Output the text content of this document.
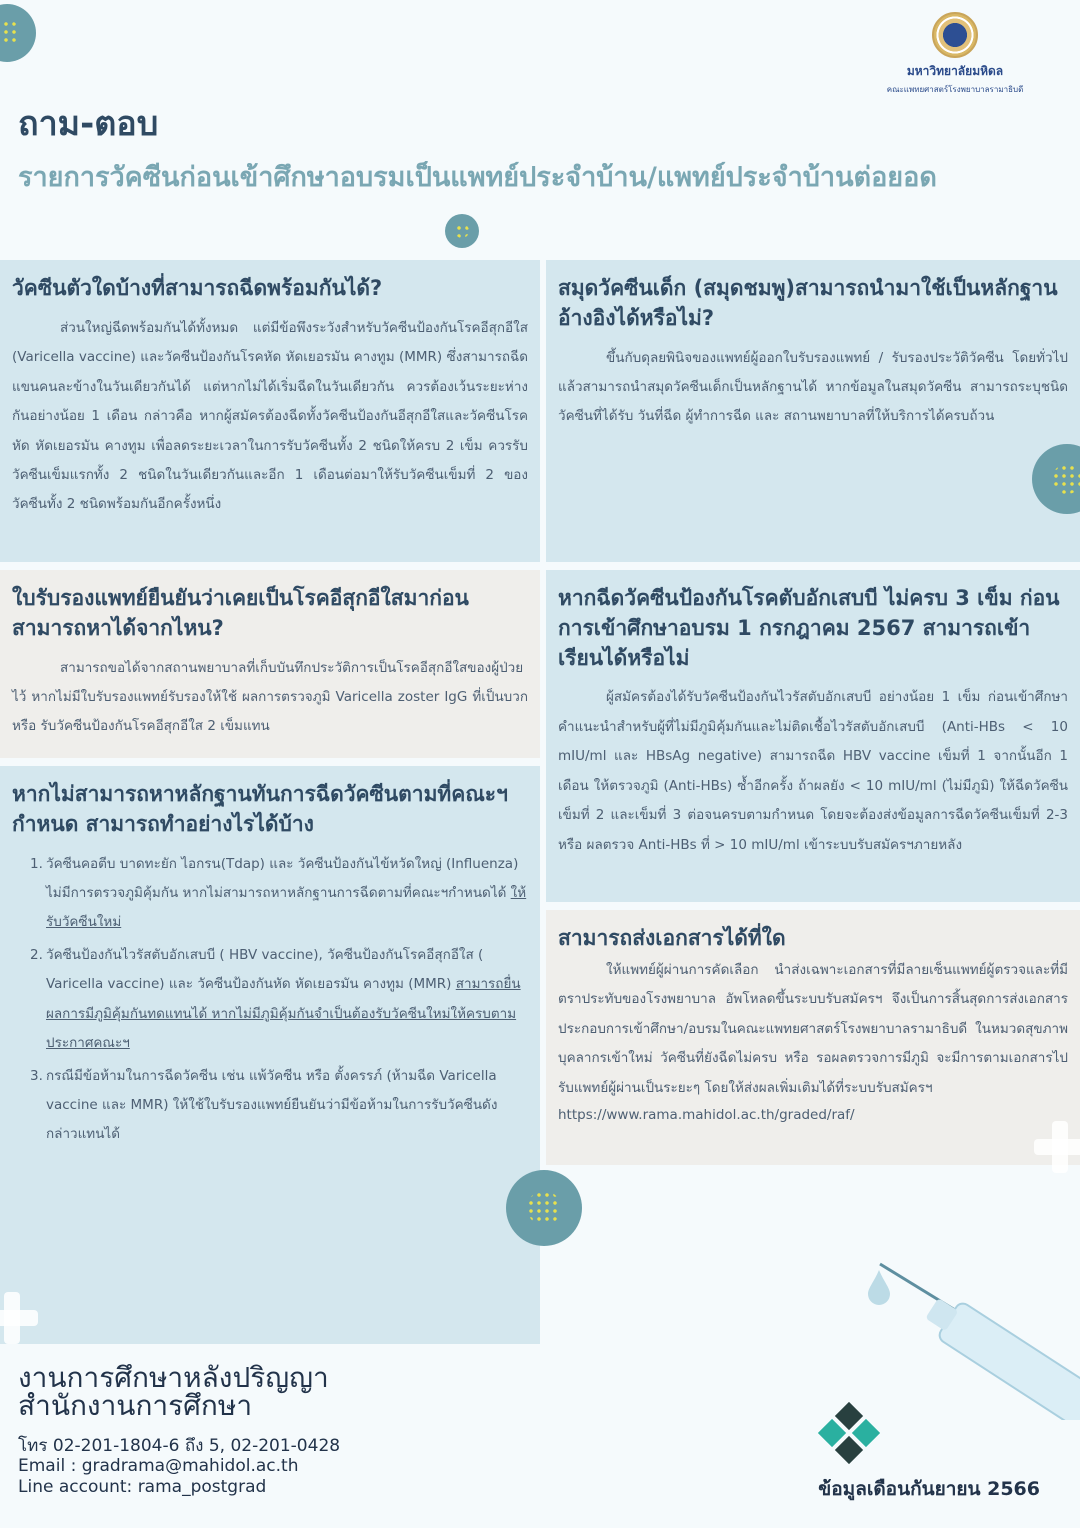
มหาวิทยาลัยมหิดล
คณะแพทยศาสตร์โรงพยาบาลรามาธิบดี
ถาม-ตอบ
รายการวัคซีนก่อนเข้าศึกษาอบรมเป็นแพทย์ประจำบ้าน/แพทย์ประจำบ้านต่อยอด
วัคซีนตัวใดบ้างที่สามารถฉีดพร้อมกันได้?

ส่วนใหญ่ฉีดพร้อมกันได้ทั้งหมด แต่มีข้อพึงระวังสำหรับวัคซีนป้องกันโรคอีสุกอีใส (Varicella vaccine) และวัคซีนป้องกันโรคหัด หัดเยอรมัน คางทูม (MMR) ซึ่งสามารถฉีดแขนคนละข้างในวันเดียวกันได้ แต่หากไม่ได้เริ่มฉีดในวันเดียวกัน ควรต้องเว้นระยะห่างกันอย่างน้อย 1 เดือน กล่าวคือ หากผู้สมัครต้องฉีดทั้งวัคซีนป้องกันอีสุกอีใสและวัคซีนโรคหัด หัดเยอรมัน คางทูม เพื่อลดระยะเวลาในการรับวัคซีนทั้ง 2 ชนิดให้ครบ 2 เข็ม ควรรับวัคซีนเข็มแรกทั้ง 2 ชนิดในวันเดียวกันและอีก 1 เดือนต่อมาให้รับวัคซีนเข็มที่ 2 ของวัคซีนทั้ง 2 ชนิดพร้อมกันอีกครั้งหนึ่ง

สมุดวัคซีนเด็ก (สมุดชมพู)สามารถนำมาใช้เป็นหลักฐานอ้างอิงได้หรือไม่?

ขึ้นกับดุลยพินิจของแพทย์ผู้ออกใบรับรองแพทย์ / รับรองประวัติวัคซีน โดยทั่วไปแล้วสามารถนำสมุดวัคซีนเด็กเป็นหลักฐานได้ หากข้อมูลในสมุดวัคซีน สามารถระบุชนิดวัคซีนที่ได้รับ วันที่ฉีด ผู้ทำการฉีด และ สถานพยาบาลที่ให้บริการได้ครบถ้วน

ใบรับรองแพทย์ยืนยันว่าเคยเป็นโรคอีสุกอีใสมาก่อน สามารถหาได้จากไหน?

สามารถขอได้จากสถานพยาบาลที่เก็บบันทึกประวัติการเป็นโรคอีสุกอีใสของผู้ป่วยไว้ หากไม่มีใบรับรองแพทย์รับรองให้ใช้ ผลการตรวจภูมิ Varicella zoster IgG ที่เป็นบวก หรือ รับวัคซีนป้องกันโรคอีสุกอีใส 2 เข็มแทน

หากฉีดวัคซีนป้องกันโรคตับอักเสบบี ไม่ครบ 3 เข็ม ก่อนการเข้าศึกษาอบรม 1 กรกฎาคม 2567 สามารถเข้าเรียนได้หรือไม่

ผู้สมัครต้องได้รับวัคซีนป้องกันไวรัสตับอักเสบบี อย่างน้อย 1 เข็ม ก่อนเข้าศึกษา คำแนะนำสำหรับผู้ที่ไม่มีภูมิคุ้มกันและไม่ติดเชื้อไวรัสตับอักเสบบี (Anti-HBs < 10 mIU/ml และ HBsAg negative) สามารถฉีด HBV vaccine เข็มที่ 1 จากนั้นอีก 1 เดือน ให้ตรวจภูมิ (Anti-HBs) ซ้ำอีกครั้ง ถ้าผลยัง < 10 mIU/ml (ไม่มีภูมิ) ให้ฉีดวัคซีนเข็มที่ 2 และเข็มที่ 3 ต่อจนครบตามกำหนด โดยจะต้องส่งข้อมูลการฉีดวัคซีนเข็มที่ 2-3 หรือ ผลตรวจ Anti-HBs ที่ > 10 mIU/ml เข้าระบบรับสมัครฯภายหลัง

หากไม่สามารถหาหลักฐานทันการฉีดวัคซีนตามที่คณะฯ กำหนด สามารถทำอย่างไรได้บ้าง
1. วัคซีนคอตีบ บาดทะยัก ไอกรน(Tdap) และ วัคซีนป้องกันไข้หวัดใหญ่ (Influenza) ไม่มีการตรวจภูมิคุ้มกัน หากไม่สามารถหาหลักฐานการฉีดตามที่คณะฯกำหนดได้ ให้รับวัคซีนใหม่
2. วัคซีนป้องกันไวรัสตับอักเสบบี ( HBV vaccine), วัคซีนป้องกันโรคอีสุกอีใส ( Varicella vaccine) และ วัคซีนป้องกันหัด หัดเยอรมัน คางทูม (MMR) สามารถยื่นผลการมีภูมิคุ้มกันทดแทนได้ หากไม่มีภูมิคุ้มกันจำเป็นต้องรับวัคซีนใหม่ให้ครบตามประกาศคณะฯ
3. กรณีมีข้อห้ามในการฉีดวัคซีน เช่น แพ้วัคซีน หรือ ตั้งครรภ์ (ห้ามฉีด Varicella vaccine และ MMR) ให้ใช้ใบรับรองแพทย์ยืนยันว่ามีข้อห้ามในการรับวัคซีนดังกล่าวแทนได้
สามารถส่งเอกสารได้ที่ใด

ให้แพทย์ผู้ผ่านการคัดเลือก นำส่งเฉพาะเอกสารที่มีลายเซ็นแพทย์ผู้ตรวจและที่มีตราประทับของโรงพยาบาล อัพโหลดขึ้นระบบรับสมัครฯ จึงเป็นการสิ้นสุดการส่งเอกสารประกอบการเข้าศึกษา/อบรมในคณะแพทยศาสตร์โรงพยาบาลรามาธิบดี ในหมวดสุขภาพบุคลากรเข้าใหม่ วัคซีนที่ยังฉีดไม่ครบ หรือ รอผลตรวจการมีภูมิ จะมีการตามเอกสารไปรับแพทย์ผู้ผ่านเป็นระยะๆ โดยให้ส่งผลเพิ่มเติมได้ที่ระบบรับสมัครฯ

https://www.rama.mahidol.ac.th/graded/raf/
งานการศึกษาหลังปริญญา
สำนักงานการศึกษา
โทร 02-201-1804-6 ถึง 5, 02-201-0428
Email : gradrama@mahidol.ac.th
Line account: rama_postgrad	ข้อมูลเดือนกันยายน 2566
